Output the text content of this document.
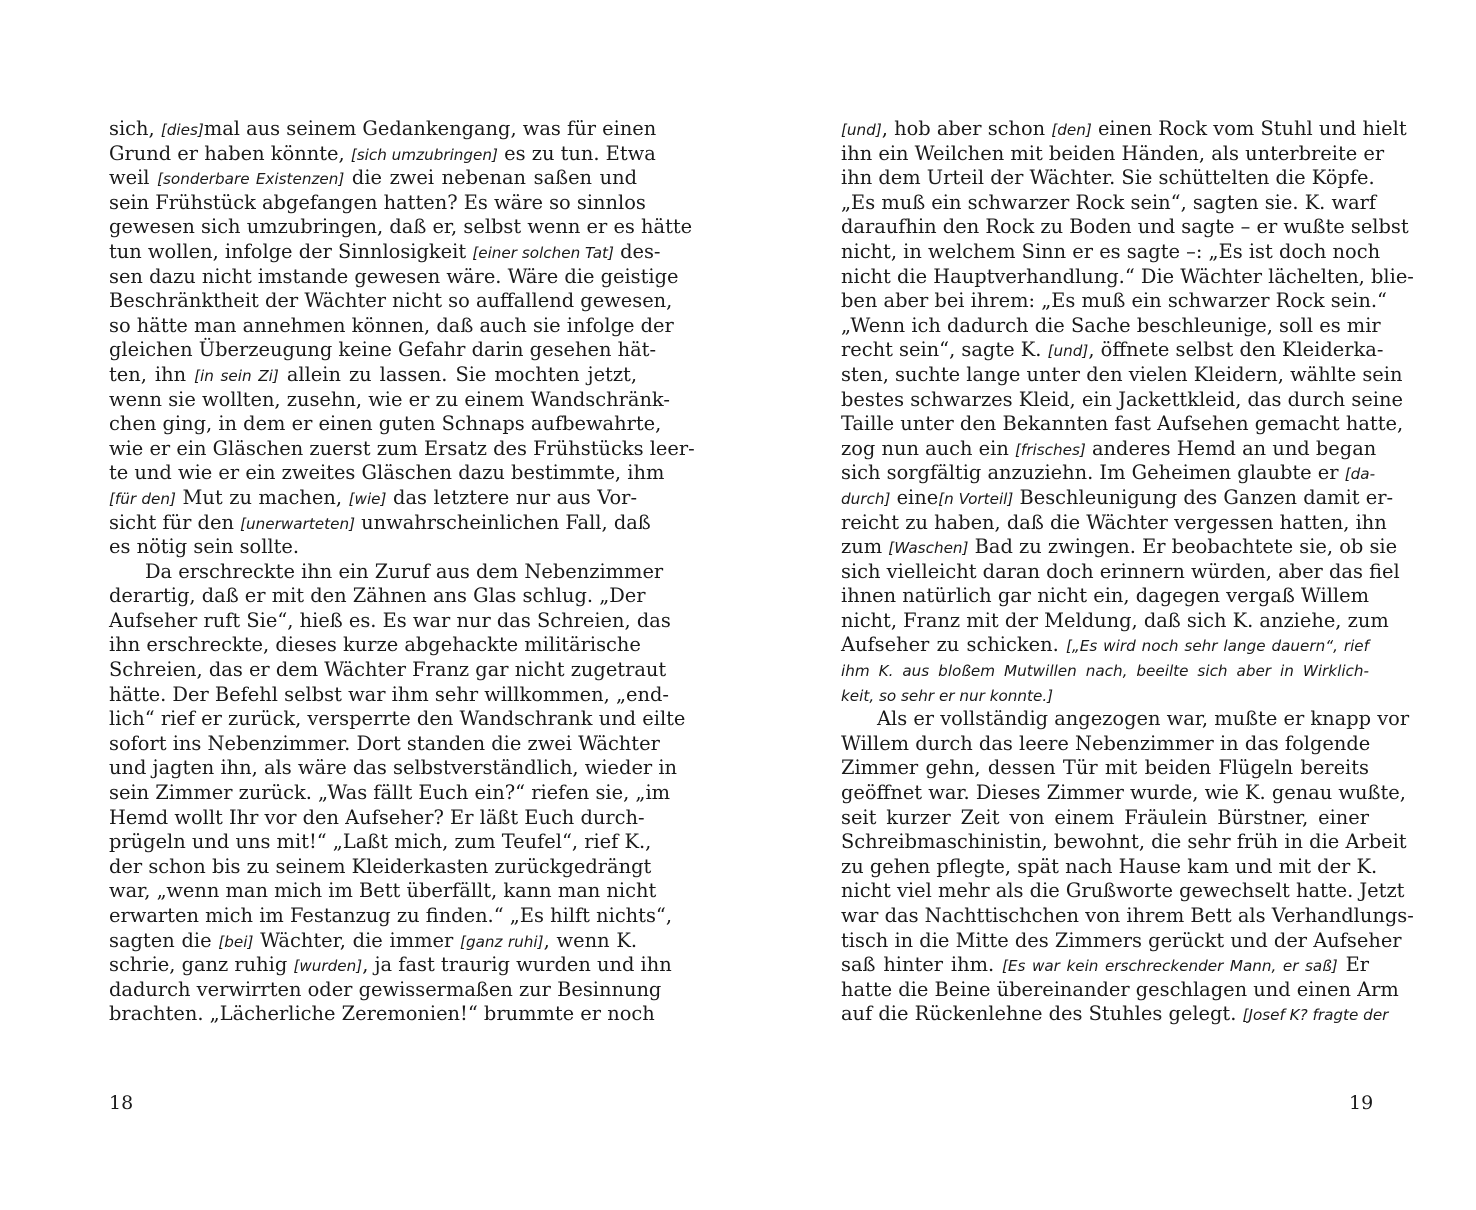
sich, [dies]mal aus seinem Gedankengang, was für einen
Grund er haben könnte, [sich umzubringen] es zu tun. Etwa
weil [sonderbare Existenzen] die zwei nebenan saßen und
sein Frühstück abgefangen hatten? Es wäre so sinnlos
gewesen sich umzubringen, daß er, selbst wenn er es hätte
tun wollen, infolge der Sinnlosigkeit [einer solchen Tat] des-
sen dazu nicht imstande gewesen wäre. Wäre die geistige
Beschränktheit der Wächter nicht so auffallend gewesen,
so hätte man annehmen können, daß auch sie infolge der
gleichen Überzeugung keine Gefahr darin gesehen hät-
ten, ihn [in sein Zi] allein zu lassen. Sie mochten jetzt,
wenn sie wollten, zusehn, wie er zu einem Wandschränk-
chen ging, in dem er einen guten Schnaps aufbewahrte,
wie er ein Gläschen zuerst zum Ersatz des Frühstücks leer-
te und wie er ein zweites Gläschen dazu bestimmte, ihm
[für den] Mut zu machen, [wie] das letztere nur aus Vor-
sicht für den [unerwarteten] unwahrscheinlichen Fall, daß
es nötig sein sollte.
Da erschreckte ihn ein Zuruf aus dem Nebenzimmer
derartig, daß er mit den Zähnen ans Glas schlug. „Der
Aufseher ruft Sie“, hieß es. Es war nur das Schreien, das
ihn erschreckte, dieses kurze abgehackte militärische
Schreien, das er dem Wächter Franz gar nicht zugetraut
hätte. Der Befehl selbst war ihm sehr willkommen, „end-
lich“ rief er zurück, versperrte den Wandschrank und eilte
sofort ins Nebenzimmer. Dort standen die zwei Wächter
und jagten ihn, als wäre das selbstverständlich, wieder in
sein Zimmer zurück. „Was fällt Euch ein?“ riefen sie, „im
Hemd wollt Ihr vor den Aufseher? Er läßt Euch durch-
prügeln und uns mit!“ „Laßt mich, zum Teufel“, rief K.,
der schon bis zu seinem Kleiderkasten zurückgedrängt
war, „wenn man mich im Bett überfällt, kann man nicht
erwarten mich im Festanzug zu finden.“ „Es hilft nichts“,
sagten die [bei] Wächter, die immer [ganz ruhi], wenn K.
schrie, ganz ruhig [wurden], ja fast traurig wurden und ihn
dadurch verwirrten oder gewissermaßen zur Besinnung
brachten. „Lächerliche Zeremonien!“ brummte er noch
18
[und], hob aber schon [den] einen Rock vom Stuhl und hielt
ihn ein Weilchen mit beiden Händen, als unterbreite er
ihn dem Urteil der Wächter. Sie schüttelten die Köpfe.
„Es muß ein schwarzer Rock sein“, sagten sie. K. warf
daraufhin den Rock zu Boden und sagte – er wußte selbst
nicht, in welchem Sinn er es sagte –: „Es ist doch noch
nicht die Hauptverhandlung.“ Die Wächter lächelten, blie-
ben aber bei ihrem: „Es muß ein schwarzer Rock sein.“
„Wenn ich dadurch die Sache beschleunige, soll es mir
recht sein“, sagte K. [und], öffnete selbst den Kleiderka-
sten, suchte lange unter den vielen Kleidern, wählte sein
bestes schwarzes Kleid, ein Jackettkleid, das durch seine
Taille unter den Bekannten fast Aufsehen gemacht hatte,
zog nun auch ein [frisches] anderes Hemd an und began
sich sorgfältig anzuziehn. Im Geheimen glaubte er [da-
durch] eine[n Vorteil] Beschleunigung des Ganzen damit er-
reicht zu haben, daß die Wächter vergessen hatten, ihn
zum [Waschen] Bad zu zwingen. Er beobachtete sie, ob sie
sich vielleicht daran doch erinnern würden, aber das fiel
ihnen natürlich gar nicht ein, dagegen vergaß Willem
nicht, Franz mit der Meldung, daß sich K. anziehe, zum
Aufseher zu schicken. [„Es wird noch sehr lange dauern“, rief
ihm K. aus bloßem Mutwillen nach, beeilte sich aber in Wirklich-
keit, so sehr er nur konnte.]
Als er vollständig angezogen war, mußte er knapp vor
Willem durch das leere Nebenzimmer in das folgende
Zimmer gehn, dessen Tür mit beiden Flügeln bereits
geöffnet war. Dieses Zimmer wurde, wie K. genau wußte,
seit kurzer Zeit von einem Fräulein Bürstner, einer
Schreibmaschinistin, bewohnt, die sehr früh in die Arbeit
zu gehen pflegte, spät nach Hause kam und mit der K.
nicht viel mehr als die Grußworte gewechselt hatte. Jetzt
war das Nachttischchen von ihrem Bett als Verhandlungs-
tisch in die Mitte des Zimmers gerückt und der Aufseher
saß hinter ihm. [Es war kein erschreckender Mann, er saß] Er
hatte die Beine übereinander geschlagen und einen Arm
auf die Rückenlehne des Stuhles gelegt. [Josef K? fragte der
19
